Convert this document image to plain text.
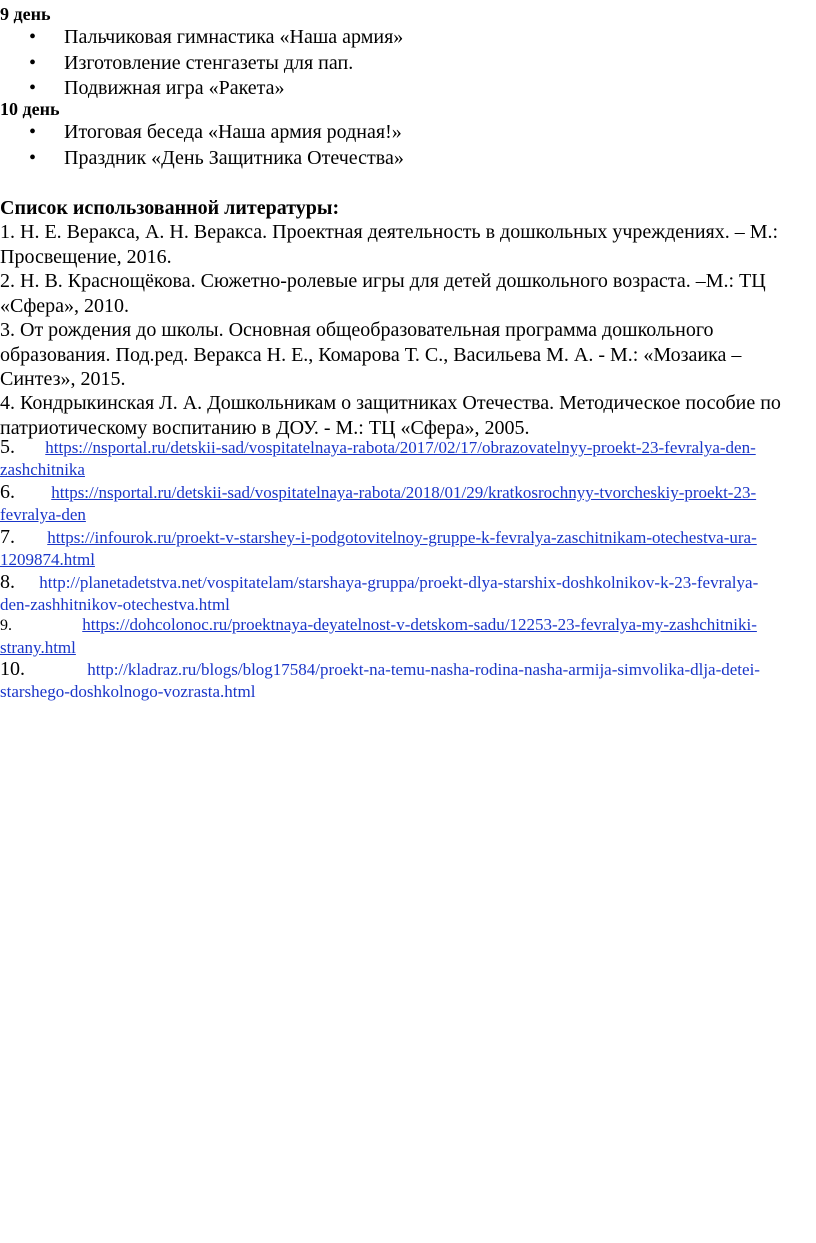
9 день
• Пальчиковая гимнастика «Наша армия»
• Изготовление стенгазеты для пап.
• Подвижная игра «Ракета»
10 день
• Итоговая беседа «Наша армия родная!»
• Праздник «День Защитника Отечества»
Список использованной литературы:
1. Н. Е. Веракса, А. Н. Веракса. Проектная деятельность в дошкольных учреждениях. – М.:
Просвещение, 2016.
2. Н. В. Краснощёкова. Сюжетно-ролевые игры для детей дошкольного возраста. –М.: ТЦ
«Сфера», 2010.
3. От рождения до школы. Основная общеобразовательная программа дошкольного
образования. Под.ред. Веракса Н. Е., Комарова Т. С., Васильева М. А. - М.: «Мозаика –
Синтез», 2015.
4. Кондрыкинская Л. А. Дошкольникам о защитниках Отечества. Методическое пособие по
патриотическому воспитанию в ДОУ. - М.: ТЦ «Сфера», 2005.
5. https://nsportal.ru/detskii-sad/vospitatelnaya-rabota/2017/02/17/obrazovatelnyy-proekt-23-fevralya-den-
zashchitnika
6. https://nsportal.ru/detskii-sad/vospitatelnaya-rabota/2018/01/29/kratkosrochnyy-tvorcheskiy-proekt-23-
fevralya-den
7. https://infourok.ru/proekt-v-starshey-i-podgotovitelnoy-gruppe-k-fevralya-zaschitnikam-otechestva-ura-
1209874.html
8. http://planetadetstva.net/vospitatelam/starshaya-gruppa/proekt-dlya-starshix-doshkolnikov-k-23-fevralya-
den-zashhitnikov-otechestva.html
9.	https://dohcolonoc.ru/proektnaya-deyatelnost-v-detskom-sadu/12253-23-fevralya-my-zashchitniki-
strany.html
10.	http://kladraz.ru/blogs/blog17584/proekt-na-temu-nasha-rodina-nasha-armija-simvolika-dlja-detei-
starshego-doshkolnogo-vozrasta.html
